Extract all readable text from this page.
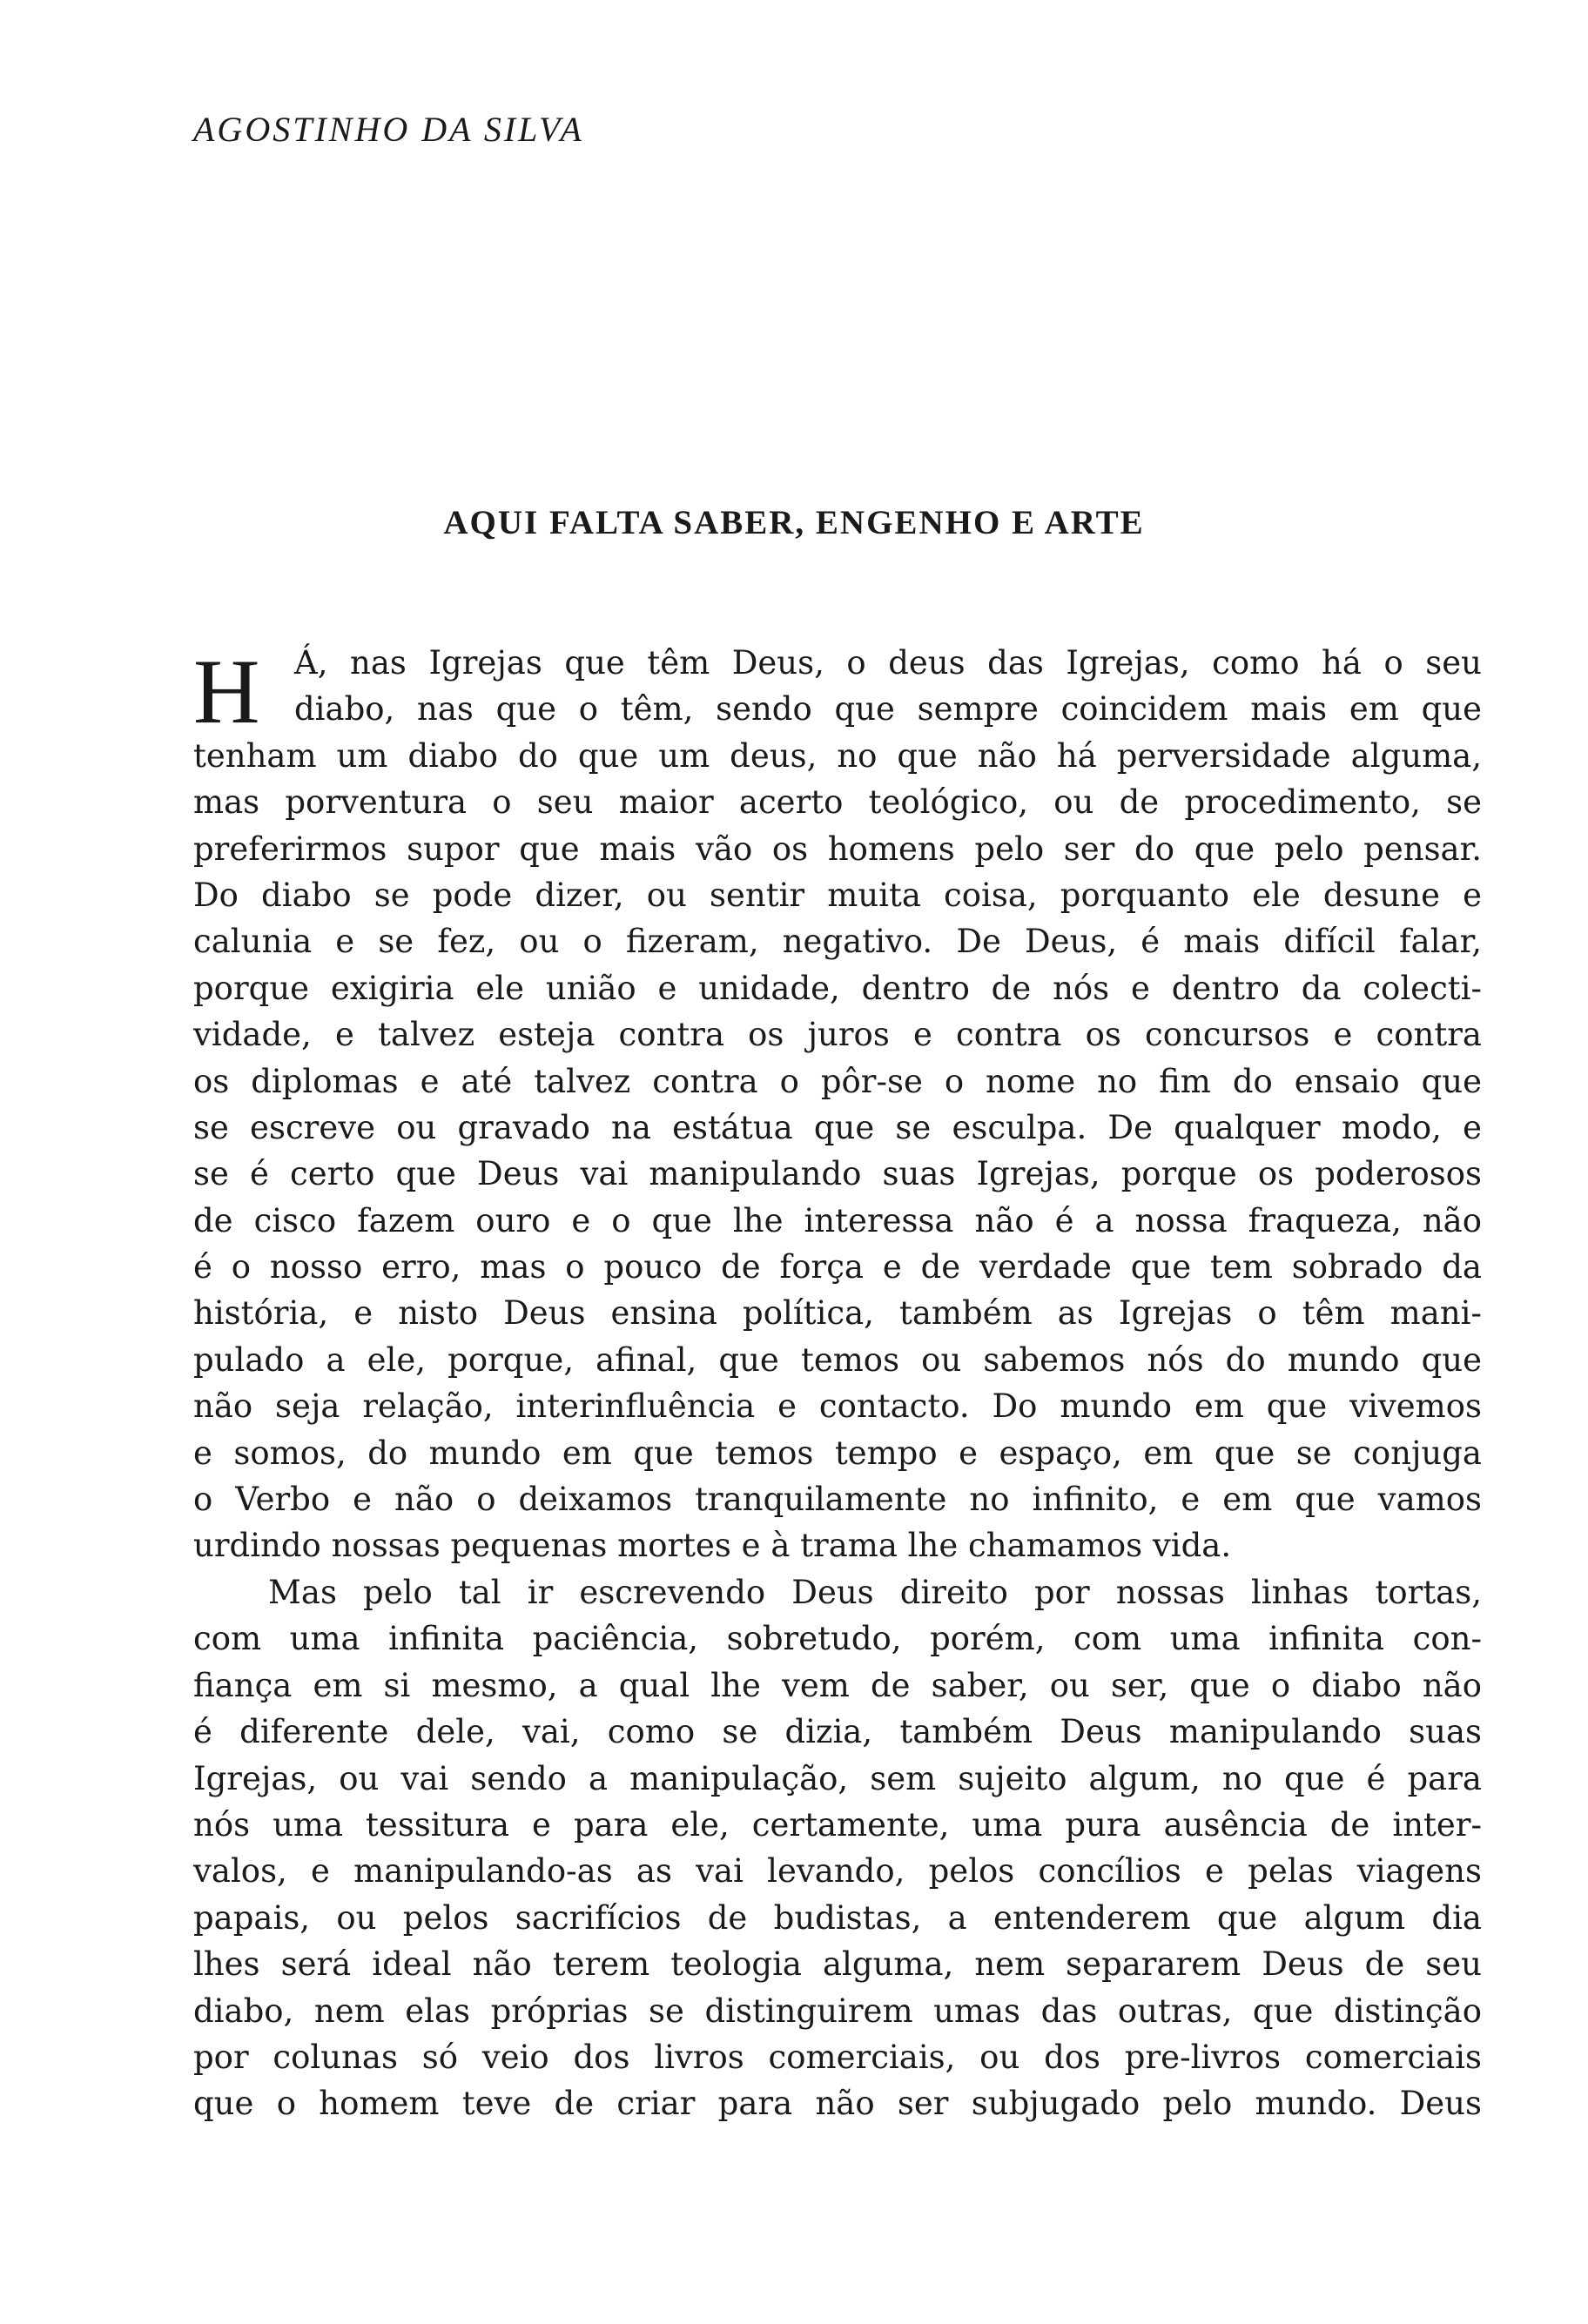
AGOSTINHO DA SILVA
AQUI FALTA SABER, ENGENHO E ARTE
H	Á, nas Igrejas que têm Deus, o deus das Igrejas, como há o seu
diabo, nas que o têm, sendo que sempre coincidem mais em que
tenham um diabo do que um deus, no que não há perversidade alguma,
mas porventura o seu maior acerto teológico, ou de procedimento, se
preferirmos supor que mais vão os homens pelo ser do que pelo pensar.
Do diabo se pode dizer, ou sentir muita coisa, porquanto ele desune e
calunia e se fez, ou o fizeram, negativo. De Deus, é mais difícil falar,
porque exigiria ele união e unidade, dentro de nós e dentro da colecti-
vidade, e talvez esteja contra os juros e contra os concursos e contra
os diplomas e até talvez contra o pôr-se o nome no fim do ensaio que
se escreve ou gravado na estátua que se esculpa. De qualquer modo, e
se é certo que Deus vai manipulando suas Igrejas, porque os poderosos
de cisco fazem ouro e o que lhe interessa não é a nossa fraqueza, não
é o nosso erro, mas o pouco de força e de verdade que tem sobrado da
história, e nisto Deus ensina política, também as Igrejas o têm mani-
pulado a ele, porque, afinal, que temos ou sabemos nós do mundo que
não seja relação, interinfluência e contacto. Do mundo em que vivemos
e somos, do mundo em que temos tempo e espaço, em que se conjuga
o Verbo e não o deixamos tranquilamente no infinito, e em que vamos
urdindo nossas pequenas mortes e à trama lhe chamamos vida.
Mas pelo tal ir escrevendo Deus direito por nossas linhas tortas,
com uma infinita paciência, sobretudo, porém, com uma infinita con-
fiança em si mesmo, a qual lhe vem de saber, ou ser, que o diabo não
é diferente dele, vai, como se dizia, também Deus manipulando suas
Igrejas, ou vai sendo a manipulação, sem sujeito algum, no que é para
nós uma tessitura e para ele, certamente, uma pura ausência de inter-
valos, e manipulando-as as vai levando, pelos concílios e pelas viagens
papais, ou pelos sacrifícios de budistas, a entenderem que algum dia
lhes será ideal não terem teologia alguma, nem separarem Deus de seu
diabo, nem elas próprias se distinguirem umas das outras, que distinção
por colunas só veio dos livros comerciais, ou dos pre-livros comerciais
que o homem teve de criar para não ser subjugado pelo mundo. Deus
